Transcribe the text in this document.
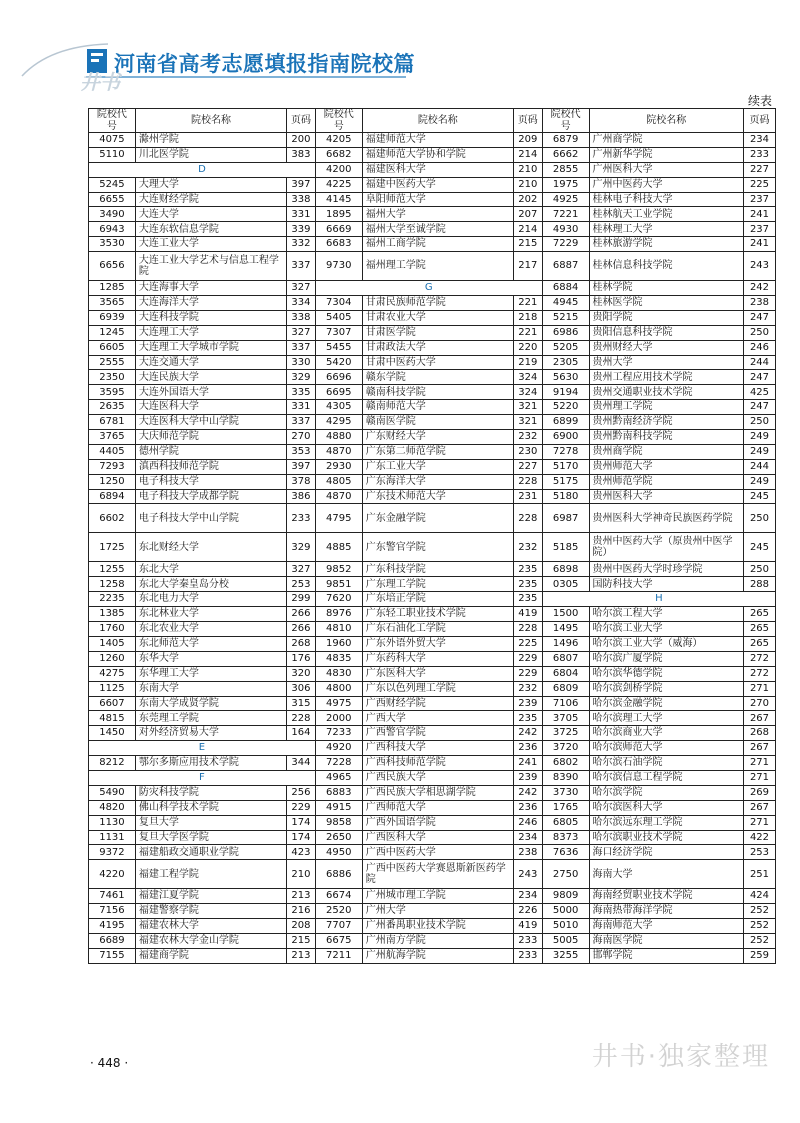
河南省高考志愿填报指南院校篇
井书
续表
院校代号	院校名称	页码	院校代号	院校名称	页码	院校代号	院校名称	页码
4075	滁州学院	200	4205	福建师范大学	209	6879	广州商学院	234
5110	川北医学院	383	6682	福建师范大学协和学院	214	6662	广州新华学院	233
D			4200	福建医科大学	210	2855	广州医科大学	227
5245	大理大学	397	4225	福建中医药大学	210	1975	广州中医药大学	225
6655	大连财经学院	338	4145	阜阳师范大学	202	4925	桂林电子科技大学	237
3490	大连大学	331	1895	福州大学	207	7221	桂林航天工业学院	241
6943	大连东软信息学院	339	6669	福州大学至诚学院	214	4930	桂林理工大学	237
3530	大连工业大学	332	6683	福州工商学院	215	7229	桂林旅游学院	241
6656	大连工业大学艺术与信息工程学院	337	9730	福州理工学院	217	6887	桂林信息科技学院	243
1285	大连海事大学	327	G			6884	桂林学院	242
3565	大连海洋大学	334	7304	甘肃民族师范学院	221	4945	桂林医学院	238
6939	大连科技学院	338	5405	甘肃农业大学	218	5215	贵阳学院	247
1245	大连理工大学	327	7307	甘肃医学院	221	6986	贵阳信息科技学院	250
6605	大连理工大学城市学院	337	5455	甘肃政法大学	220	5205	贵州财经大学	246
2555	大连交通大学	330	5420	甘肃中医药大学	219	2305	贵州大学	244
2350	大连民族大学	329	6696	赣东学院	324	5630	贵州工程应用技术学院	247
3595	大连外国语大学	335	6695	赣南科技学院	324	9194	贵州交通职业技术学院	425
2635	大连医科大学	331	4305	赣南师范大学	321	5220	贵州理工学院	247
6781	大连医科大学中山学院	337	4295	赣南医学院	321	6899	贵州黔南经济学院	250
3765	大庆师范学院	270	4880	广东财经大学	232	6900	贵州黔南科技学院	249
4405	德州学院	353	4870	广东第二师范学院	230	7278	贵州商学院	249
7293	滇西科技师范学院	397	2930	广东工业大学	227	5170	贵州师范大学	244
1250	电子科技大学	378	4805	广东海洋大学	228	5175	贵州师范学院	249
6894	电子科技大学成都学院	386	4870	广东技术师范大学	231	5180	贵州医科大学	245
6602	电子科技大学中山学院	233	4795	广东金融学院	228	6987	贵州医科大学神奇民族医药学院	250
1725	东北财经大学	329	4885	广东警官学院	232	5185	贵州中医药大学（原贵州中医学院）	245
1255	东北大学	327	9852	广东科技学院	235	6898	贵州中医药大学时珍学院	250
1258	东北大学秦皇岛分校	253	9851	广东理工学院	235	0305	国防科技大学	288
2235	东北电力大学	299	7620	广东培正学院	235	H		
1385	东北林业大学	266	8976	广东轻工职业技术学院	419	1500	哈尔滨工程大学	265
1760	东北农业大学	266	4810	广东石油化工学院	228	1495	哈尔滨工业大学	265
1405	东北师范大学	268	1960	广东外语外贸大学	225	1496	哈尔滨工业大学（威海）	265
1260	东华大学	176	4835	广东药科大学	229	6807	哈尔滨广厦学院	272
4275	东华理工大学	320	4830	广东医科大学	229	6804	哈尔滨华德学院	272
1125	东南大学	306	4800	广东以色列理工学院	232	6809	哈尔滨剑桥学院	271
6607	东南大学成贤学院	315	4975	广西财经学院	239	7106	哈尔滨金融学院	270
4815	东莞理工学院	228	2000	广西大学	235	3705	哈尔滨理工大学	267
1450	对外经济贸易大学	164	7233	广西警官学院	242	3725	哈尔滨商业大学	268
E			4920	广西科技大学	236	3720	哈尔滨师范大学	267
8212	鄂尔多斯应用技术学院	344	7228	广西科技师范学院	241	6802	哈尔滨石油学院	271
F			4965	广西民族大学	239	8390	哈尔滨信息工程学院	271
5490	防灾科技学院	256	6883	广西民族大学相思湖学院	242	3730	哈尔滨学院	269
4820	佛山科学技术学院	229	4915	广西师范大学	236	1765	哈尔滨医科大学	267
1130	复旦大学	174	9858	广西外国语学院	246	6805	哈尔滨远东理工学院	271
1131	复旦大学医学院	174	2650	广西医科大学	234	8373	哈尔滨职业技术学院	422
9372	福建船政交通职业学院	423	4950	广西中医药大学	238	7636	海口经济学院	253
4220	福建工程学院	210	6886	广西中医药大学赛恩斯新医药学院	243	2750	海南大学	251
7461	福建江夏学院	213	6674	广州城市理工学院	234	9809	海南经贸职业技术学院	424
7156	福建警察学院	216	2520	广州大学	226	5000	海南热带海洋学院	252
4195	福建农林大学	208	7707	广州番禺职业技术学院	419	5010	海南师范大学	252
6689	福建农林大学金山学院	215	6675	广州南方学院	233	5005	海南医学院	252
7155	福建商学院	213	7211	广州航海学院	233	3255	邯郸学院	259
· 448 ·	井书·独家整理
